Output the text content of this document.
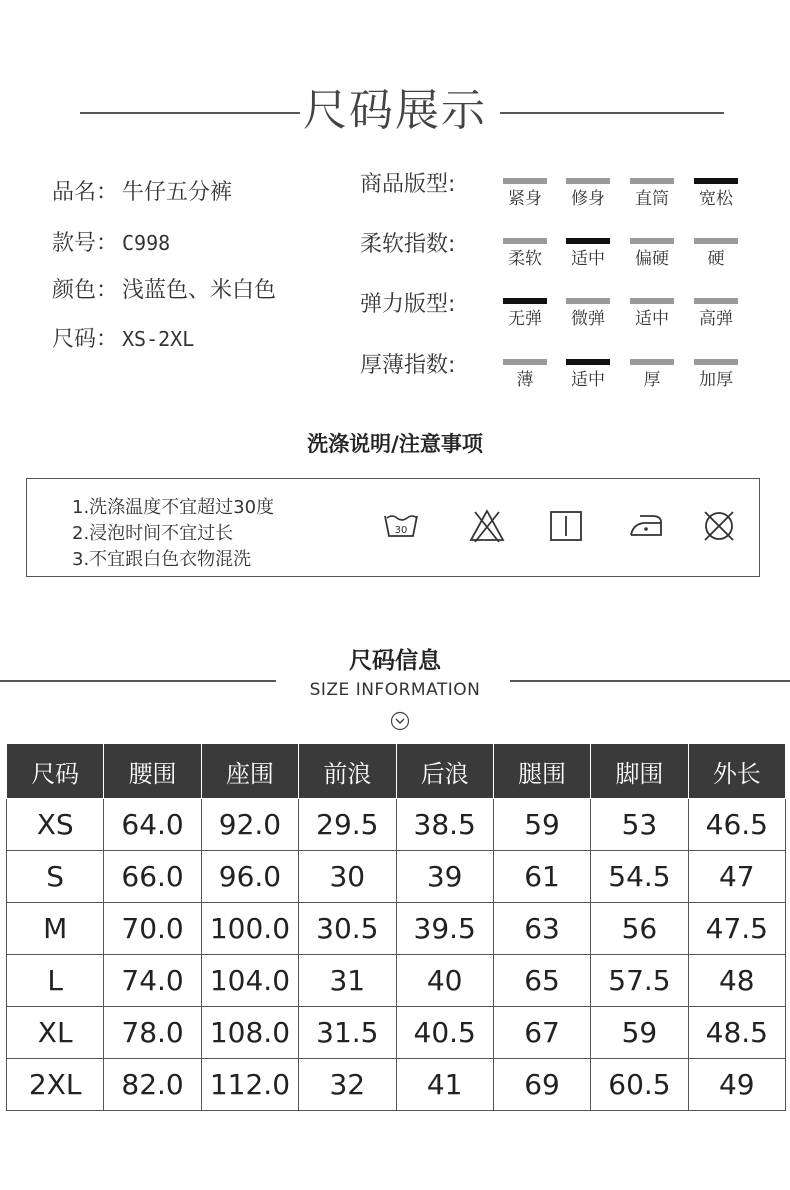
尺码展示
品名： 牛仔五分裤
款号： C998
颜色： 浅蓝色、米白色
尺码： XS-2XL
商品版型:
紧身	修身	直筒	宽松
柔软指数:
柔软	适中	偏硬	硬
弹力版型:
无弹	微弹	适中	高弹
厚薄指数:
薄	适中	厚	加厚
洗涤说明/注意事项
1.洗涤温度不宜超过30度
2.浸泡时间不宜过长
3.不宜跟白色衣物混洗
30
尺码信息
SIZE INFORMATION
尺码	腰围	座围	前浪	后浪	腿围	脚围	外长
XS	64.0	92.0	29.5	38.5	59	53	46.5
S	66.0	96.0	30	39	61	54.5	47
M	70.0	100.0	30.5	39.5	63	56	47.5
L	74.0	104.0	31	40	65	57.5	48
XL	78.0	108.0	31.5	40.5	67	59	48.5
2XL	82.0	112.0	32	41	69	60.5	49
